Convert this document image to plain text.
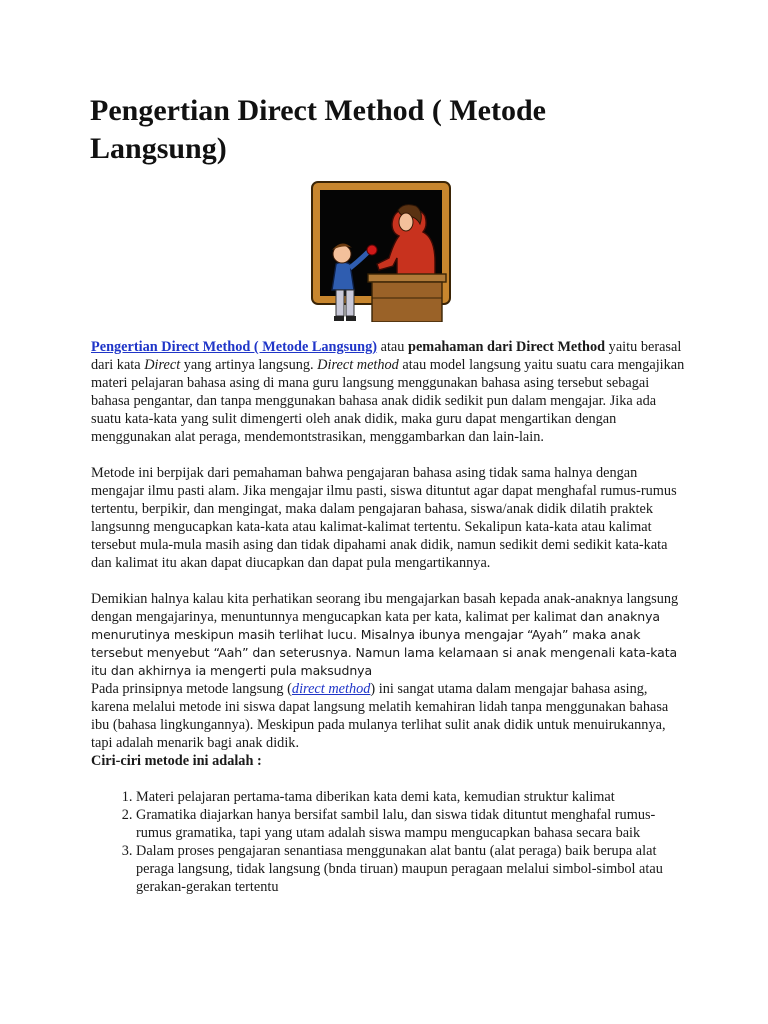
Pengertian Direct Method ( Metode Langsung)

Pengertian Direct Method ( Metode Langsung) atau pemahaman dari Direct Method yaitu berasal dari kata Direct yang artinya langsung. Direct method atau model langsung yaitu suatu cara mengajikan materi pelajaran bahasa asing di mana guru langsung menggunakan bahasa asing tersebut sebagai bahasa pengantar, dan tanpa menggunakan bahasa anak didik sedikit pun dalam mengajar. Jika ada suatu kata-kata yang sulit dimengerti oleh anak didik, maka guru dapat mengartikan dengan menggunakan alat peraga, mendemontstrasikan, menggambarkan dan lain-lain.

Metode ini berpijak dari pemahaman bahwa pengajaran bahasa asing tidak sama halnya dengan mengajar ilmu pasti alam. Jika mengajar ilmu pasti, siswa dituntut agar dapat menghafal rumus-rumus tertentu, berpikir, dan mengingat, maka dalam pengajaran bahasa, siswa/anak didik dilatih praktek langsunng mengucapkan kata-kata atau kalimat-kalimat tertentu. Sekalipun kata-kata atau kalimat tersebut mula-mula masih asing dan tidak dipahami anak didik, namun sedikit demi sedikit kata-kata dan kalimat itu akan dapat diucapkan dan dapat pula mengartikannya.

Demikian halnya kalau kita perhatikan seorang ibu mengajarkan basah kepada anak-anaknya langsung dengan mengajarinya, menuntunnya mengucapkan kata per kata, kalimat per kalimat dan anaknya menurutinya meskipun masih terlihat lucu. Misalnya ibunya mengajar “Ayah” maka anak tersebut menyebut “Aah” dan seterusnya. Namun lama kelamaan si anak mengenali kata-kata itu dan akhirnya ia mengerti pula maksudnya

Pada prinsipnya metode langsung (direct method) ini sangat utama dalam mengajar bahasa asing, karena melalui metode ini siswa dapat langsung melatih kemahiran lidah tanpa menggunakan bahasa ibu (bahasa lingkungannya). Meskipun pada mulanya terlihat sulit anak didik untuk menuirukannya, tapi adalah menarik bagi anak didik.

Ciri-ciri metode ini adalah :

1. Materi pelajaran pertama-tama diberikan kata demi kata, kemudian struktur kalimat
2. Gramatika diajarkan hanya bersifat sambil lalu, dan siswa tidak dituntut menghafal rumus-rumus gramatika, tapi yang utam adalah siswa mampu mengucapkan bahasa secara baik
3. Dalam proses pengajaran senantiasa menggunakan alat bantu (alat peraga) baik berupa alat peraga langsung, tidak langsung (bnda tiruan) maupun peragaan melalui simbol-simbol atau gerakan-gerakan tertentu
